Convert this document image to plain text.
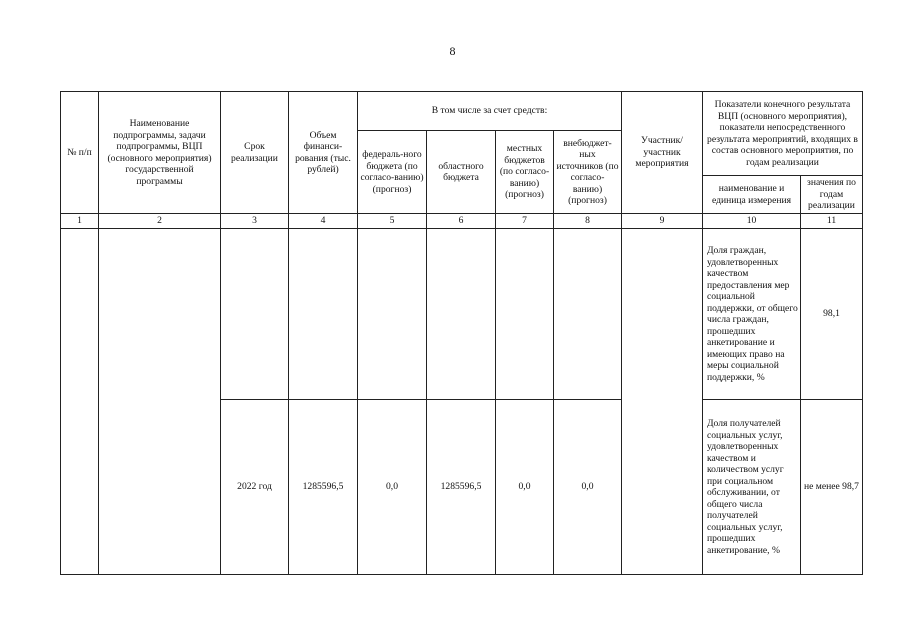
8
№ п/п	Наименование подпрограммы, задачи подпрограммы, ВЦП (основного мероприятия) государственной программы	Срок реализации	Объем финанси-рования (тыс. рублей)	В том числе за счет средств:				Участник/ участник мероприятия	Показатели конечного результата ВЦП (основного мероприятия), показатели непосредственного результата мероприятий, входящих в состав основного мероприятия, по годам реализации	
				федераль-ного бюджета (по согласо-ванию) (прогноз)	областного бюджета	местных бюджетов (по согласо-ванию) (прогноз)	внебюджет-ных источников (по согласо-ванию) (прогноз)			
									наименование и единица измерения	значения по годам реализации
1	2	3	4	5	6	7	8	9	10	11
									Доля граждан, удовлетворенных качеством предоставления мер социальной поддержки, от общего числа граждан, прошедших анкетирование и имеющих право на меры социальной поддержки, %	98,1
		2022 год	1285596,5	0,0	1285596,5	0,0	0,0		Доля получателей социальных услуг, удовлетворенных качеством и количеством услуг при социальном обслуживании, от общего числа получателей социальных услуг, прошедших анкетирование, %	не менее 98,7
